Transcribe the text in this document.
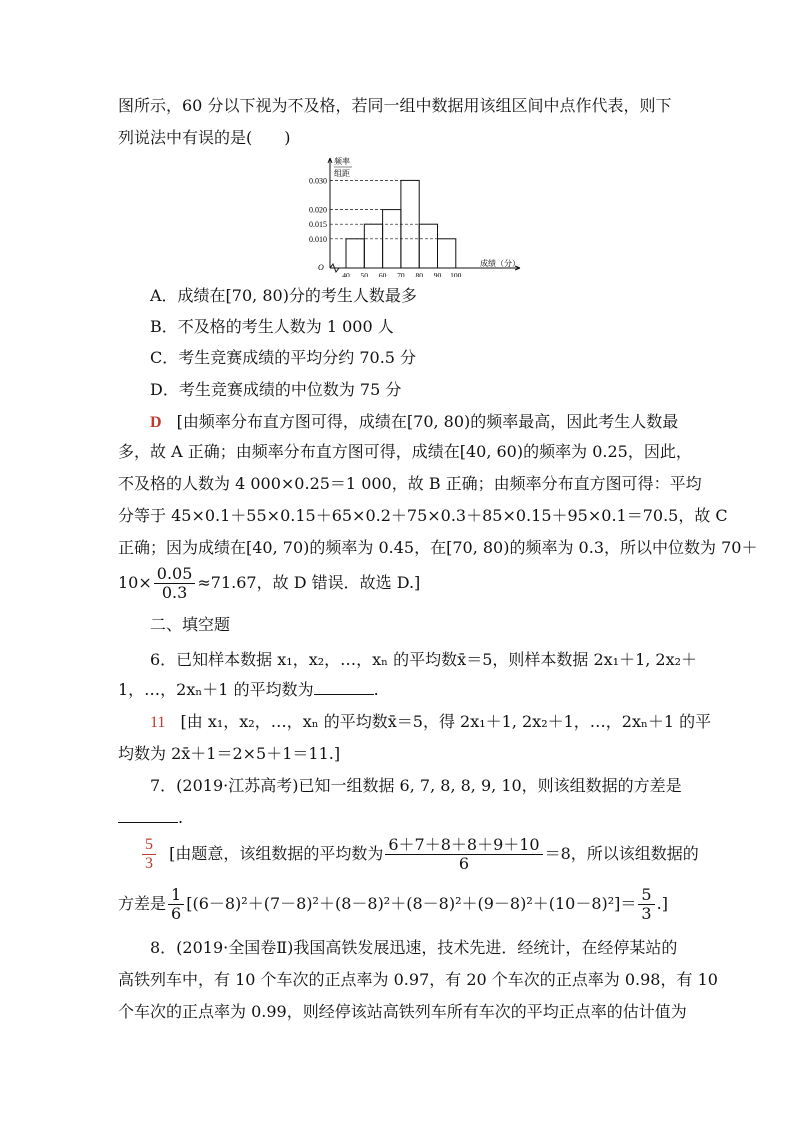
图所示，60 分以下视为不及格，若同一组中数据用该组区间中点作代表，则下
列说法中有误的是(　　)
0.010
0.015
0.020
0.030
40 50 60 70 80 90 100
频率
组距
O	成绩（分）
A．成绩在[70, 80)分的考生人数最多
B．不及格的考生人数为 1 000 人
C．考生竞赛成绩的平均分约 70.5 分
D．考生竞赛成绩的中位数为 75 分
D [由频率分布直方图可得，成绩在[70, 80)的频率最高，因此考生人数最
多，故 A 正确；由频率分布直方图可得，成绩在[40, 60)的频率为 0.25，因此，
不及格的人数为 4 000×0.25＝1 000，故 B 正确；由频率分布直方图可得：平均
分等于 45×0.1＋55×0.15＋65×0.2＋75×0.3＋85×0.15＋95×0.1＝70.5，故 C
正确；因为成绩在[40, 70)的频率为 0.45，在[70, 80)的频率为 0.3，所以中位数为 70＋
$10\times \frac{0.05}{0.3} \approx 71.67$，故 D 错误．故选 D.]
二、填空题
6．已知样本数据 x₁，x₂，…，xₙ 的平均数x̄＝5，则样本数据 2x₁＋1, 2x₂＋
1，…，2xₙ＋1 的平均数为	.
11 [由 x₁，x₂，…，xₙ 的平均数x̄＝5，得 2x₁＋1, 2x₂＋1，…，2xₙ＋1 的平
均数为 2x̄＋1＝2×5＋1＝11.]
7．(2019·江苏高考)已知一组数据 6, 7, 8, 8, 9, 10，则该组数据的方差是
.
$\frac{5}{3}$ [由题意，该组数据的平均数为 $\frac{6+7+8+8+9+10}{6} =8$，所以该组数据的
方差是 $\frac{1}{6} [(6-8)^2+(7-8)^2+(8-8)^2+(8-8)^2+(9-8)^2+(10-8)^2]= \frac{5}{3}$ .]
8．(2019·全国卷Ⅱ)我国高铁发展迅速，技术先进．经统计，在经停某站的
高铁列车中，有 10 个车次的正点率为 0.97，有 20 个车次的正点率为 0.98，有 10
个车次的正点率为 0.99，则经停该站高铁列车所有车次的平均正点率的估计值为
